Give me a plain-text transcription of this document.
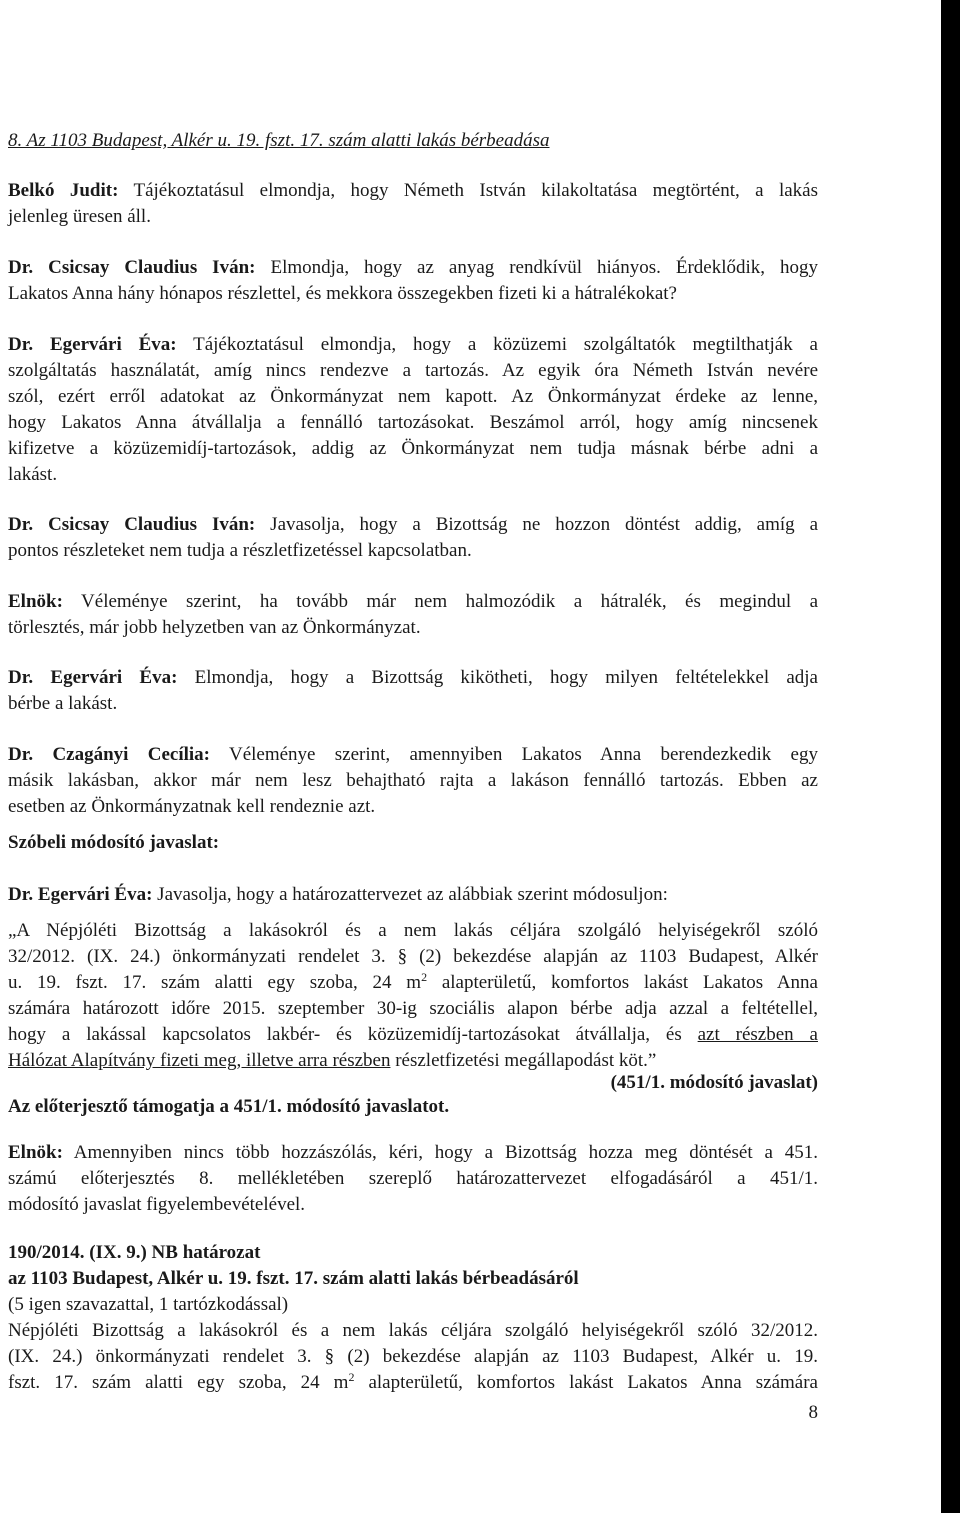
8. Az 1103 Budapest, Alkér u. 19. fszt. 17. szám alatti lakás bérbeadása
Belkó Judit: Tájékoztatásul elmondja, hogy Németh István kilakoltatása megtörtént, a lakás
jelenleg üresen áll.
Dr. Csicsay Claudius Iván: Elmondja, hogy az anyag rendkívül hiányos. Érdeklődik, hogy
Lakatos Anna hány hónapos részlettel, és mekkora összegekben fizeti ki a hátralékokat?
Dr. Egervári Éva: Tájékoztatásul elmondja, hogy a közüzemi szolgáltatók megtilthatják a
szolgáltatás használatát, amíg nincs rendezve a tartozás. Az egyik óra Németh István nevére
szól, ezért erről adatokat az Önkormányzat nem kapott. Az Önkormányzat érdeke az lenne,
hogy Lakatos Anna átvállalja a fennálló tartozásokat. Beszámol arról, hogy amíg nincsenek
kifizetve a közüzemidíj-tartozások, addig az Önkormányzat nem tudja másnak bérbe adni a
lakást.
Dr. Csicsay Claudius Iván: Javasolja, hogy a Bizottság ne hozzon döntést addig, amíg a
pontos részleteket nem tudja a részletfizetéssel kapcsolatban.
Elnök: Véleménye szerint, ha tovább már nem halmozódik a hátralék, és megindul a
törlesztés, már jobb helyzetben van az Önkormányzat.
Dr. Egervári Éva: Elmondja, hogy a Bizottság kikötheti, hogy milyen feltételekkel adja
bérbe a lakást.
Dr. Czagányi Cecília: Véleménye szerint, amennyiben Lakatos Anna berendezkedik egy
másik lakásban, akkor már nem lesz behajtható rajta a lakáson fennálló tartozás. Ebben az
esetben az Önkormányzatnak kell rendeznie azt.
Szóbeli módosító javaslat:
Dr. Egervári Éva: Javasolja, hogy a határozattervezet az alábbiak szerint módosuljon:
„A Népjóléti Bizottság a lakásokról és a nem lakás céljára szolgáló helyiségekről szóló
32/2012. (IX. 24.) önkormányzati rendelet 3. § (2) bekezdése alapján az 1103 Budapest, Alkér
u. 19. fszt. 17. szám alatti egy szoba, 24 $m^2$ alapterületű, komfortos lakást Lakatos Anna
számára határozott időre 2015. szeptember 30-ig szociális alapon bérbe adja azzal a feltétellel,
hogy a lakással kapcsolatos lakbér- és közüzemidíj-tartozásokat átvállalja, és azt részben a
Hálózat Alapítvány fizeti meg, illetve arra részben részletfizetési megállapodást köt.”
(451/1. módosító javaslat)
Az előterjesztő támogatja a 451/1. módosító javaslatot.
Elnök: Amennyiben nincs több hozzászólás, kéri, hogy a Bizottság hozza meg döntését a 451.
számú előterjesztés 8. mellékletében szereplő határozattervezet elfogadásáról a 451/1.
módosító javaslat figyelembevételével.
190/2014. (IX. 9.) NB határozat
az 1103 Budapest, Alkér u. 19. fszt. 17. szám alatti lakás bérbeadásáról
(5 igen szavazattal, 1 tartózkodással)
Népjóléti Bizottság a lakásokról és a nem lakás céljára szolgáló helyiségekről szóló 32/2012.
(IX. 24.) önkormányzati rendelet 3. § (2) bekezdése alapján az 1103 Budapest, Alkér u. 19.
fszt. 17. szám alatti egy szoba, 24 $m^2$ alapterületű, komfortos lakást Lakatos Anna számára
8
